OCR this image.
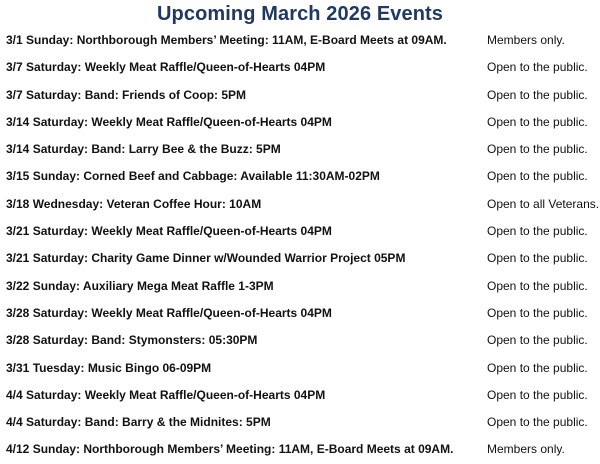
Upcoming March 2026 Events
3/1 Sunday: Northborough Members’ Meeting: 11AM, E-Board Meets at 09AM.	Members only.
3/7 Saturday: Weekly Meat Raffle/Queen-of-Hearts 04PM	Open to the public.
3/7 Saturday: Band: Friends of Coop: 5PM	Open to the public.
3/14 Saturday: Weekly Meat Raffle/Queen-of-Hearts 04PM	Open to the public.
3/14 Saturday: Band: Larry Bee & the Buzz: 5PM	Open to the public.
3/15 Sunday: Corned Beef and Cabbage: Available 11:30AM-02PM	Open to the public.
3/18 Wednesday: Veteran Coffee Hour: 10AM	Open to all Veterans.
3/21 Saturday: Weekly Meat Raffle/Queen-of-Hearts 04PM	Open to the public.
3/21 Saturday: Charity Game Dinner w/Wounded Warrior Project 05PM	Open to the public.
3/22 Sunday: Auxiliary Mega Meat Raffle 1-3PM	Open to the public.
3/28 Saturday: Weekly Meat Raffle/Queen-of-Hearts 04PM	Open to the public.
3/28 Saturday: Band: Stymonsters: 05:30PM	Open to the public.
3/31 Tuesday: Music Bingo 06-09PM	Open to the public.
4/4 Saturday: Weekly Meat Raffle/Queen-of-Hearts 04PM	Open to the public.
4/4 Saturday: Band: Barry & the Midnites: 5PM	Open to the public.
4/12 Sunday: Northborough Members’ Meeting: 11AM, E-Board Meets at 09AM.	Members only.
